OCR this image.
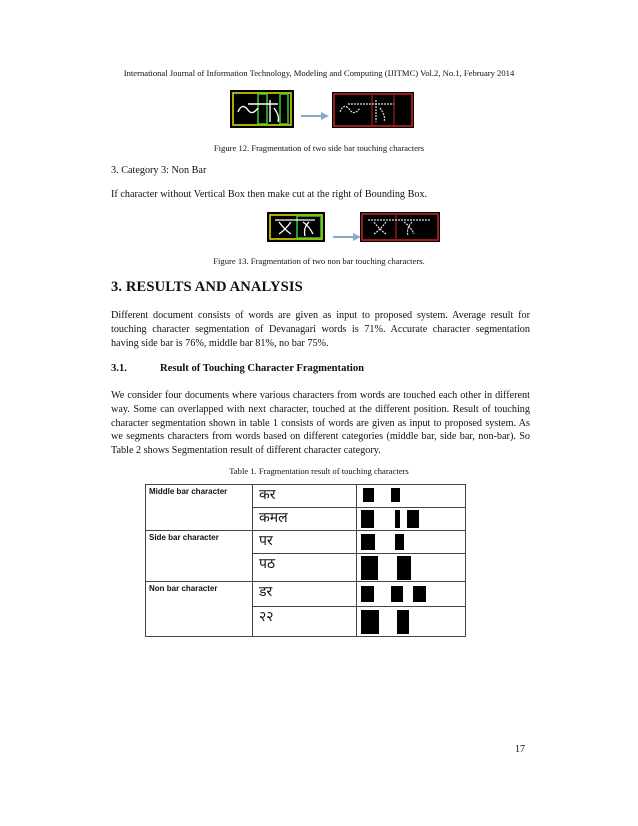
International Journal of Information Technology, Modeling and Computing (IJITMC) Vol.2, No.1, February 2014
Figure 12. Fragmentation of two side bar touching characters
3. Category 3: Non Bar
If character without Vertical Box then make cut at the right of Bounding Box.
Figure 13. Fragmentation of two non bar touching characters.
3. RESULTS AND ANALYSIS
Different document consists of words are given as input to proposed system. Average result for touching character segmentation of Devanagari words is 71%. Accurate character segmentation having side bar is 76%, middle bar 81%, no bar 75%.
3.1.	Result of Touching Character Fragmentation
We consider four documents where various characters from words are touched each other in different way. Some can overlapped with next character, touched at the different position. Result of touching character segmentation shown in table 1 consists of words are given as input to proposed system. As we segments characters from words based on different categories (middle bar, side bar, non-bar). So Table 2 shows Segmentation result of different character category.
Table 1. Fragmentation result of touching characters
Middle bar character	कर	

	कमल	

Side bar character	पर	

	पठ	

Non bar character	डर	

	२२	

17
